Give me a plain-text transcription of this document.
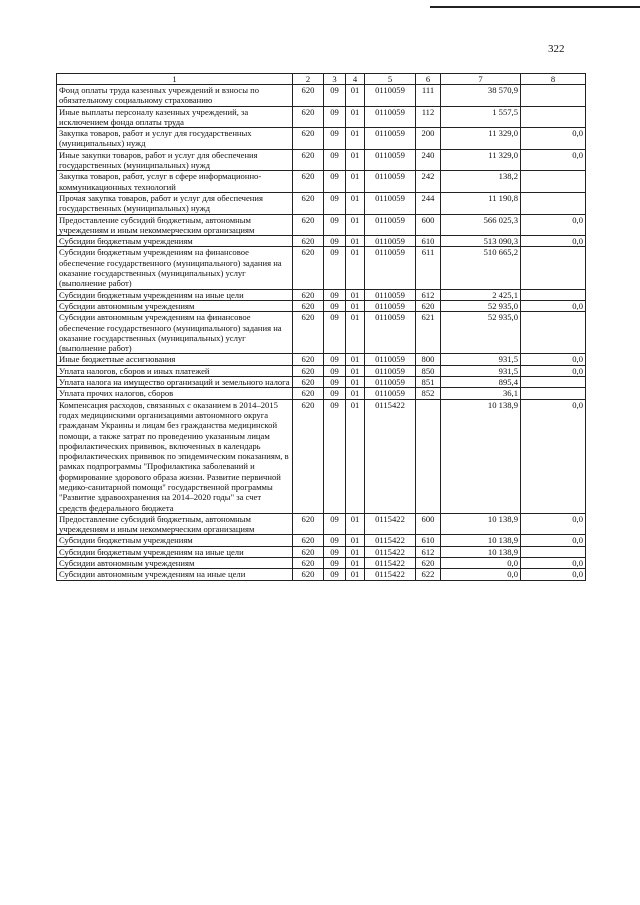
322
1	2	3	4	5	6	7	8
Фонд оплаты труда казенных учреждений и взносы по обязательному социальному страхованию	620	09	01	0110059	111	38 570,9	
Иные выплаты персоналу казенных учреждений, за исключением фонда оплаты труда	620	09	01	0110059	112	1 557,5	
Закупка товаров, работ и услуг для государственных (муниципальных) нужд	620	09	01	0110059	200	11 329,0	0,0
Иные закупки товаров, работ и услуг для обеспечения государственных (муниципальных) нужд	620	09	01	0110059	240	11 329,0	0,0
Закупка товаров, работ, услуг в сфере информационно-коммуникационных технологий	620	09	01	0110059	242	138,2	
Прочая закупка товаров, работ и услуг для обеспечения государственных (муниципальных) нужд	620	09	01	0110059	244	11 190,8	
Предоставление субсидий бюджетным, автономным учреждениям и иным некоммерческим организациям	620	09	01	0110059	600	566 025,3	0,0
Субсидии бюджетным учреждениям	620	09	01	0110059	610	513 090,3	0,0
Субсидии бюджетным учреждениям на финансовое обеспечение государственного (муниципального) задания на оказание государственных (муниципальных) услуг (выполнение работ)	620	09	01	0110059	611	510 665,2	
Субсидии бюджетным учреждениям на иные цели	620	09	01	0110059	612	2 425,1	
Субсидии автономным учреждениям	620	09	01	0110059	620	52 935,0	0,0
Субсидии автономным учреждениям на финансовое обеспечение государственного (муниципального) задания на оказание государственных (муниципальных) услуг (выполнение работ)	620	09	01	0110059	621	52 935,0	
Иные бюджетные ассигнования	620	09	01	0110059	800	931,5	0,0
Уплата налогов, сборов и иных платежей	620	09	01	0110059	850	931,5	0,0
Уплата налога на имущество организаций и земельного налога	620	09	01	0110059	851	895,4	
Уплата прочих налогов, сборов	620	09	01	0110059	852	36,1	
Компенсация расходов, связанных с оказанием в 2014–2015 годах медицинскими организациями автономного округа гражданам Украины и лицам без гражданства медицинской помощи, а также затрат по проведению указанным лицам профилактических прививок, включенных в календарь профилактических прививок по эпидемическим показаниям, в рамках подпрограммы "Профилактика заболеваний и формирование здорового образа жизни. Развитие первичной медико-санитарной помощи" государственной программы "Развитие здравоохранения на 2014–2020 годы" за счет средств федерального бюджета	620	09	01	0115422		10 138,9	0,0
Предоставление субсидий бюджетным, автономным учреждениям и иным некоммерческим организациям	620	09	01	0115422	600	10 138,9	0,0
Субсидии бюджетным учреждениям	620	09	01	0115422	610	10 138,9	0,0
Субсидии бюджетным учреждениям на иные цели	620	09	01	0115422	612	10 138,9	
Субсидии автономным учреждениям	620	09	01	0115422	620	0,0	0,0
Субсидии автономным учреждениям на иные цели	620	09	01	0115422	622	0,0	0,0
